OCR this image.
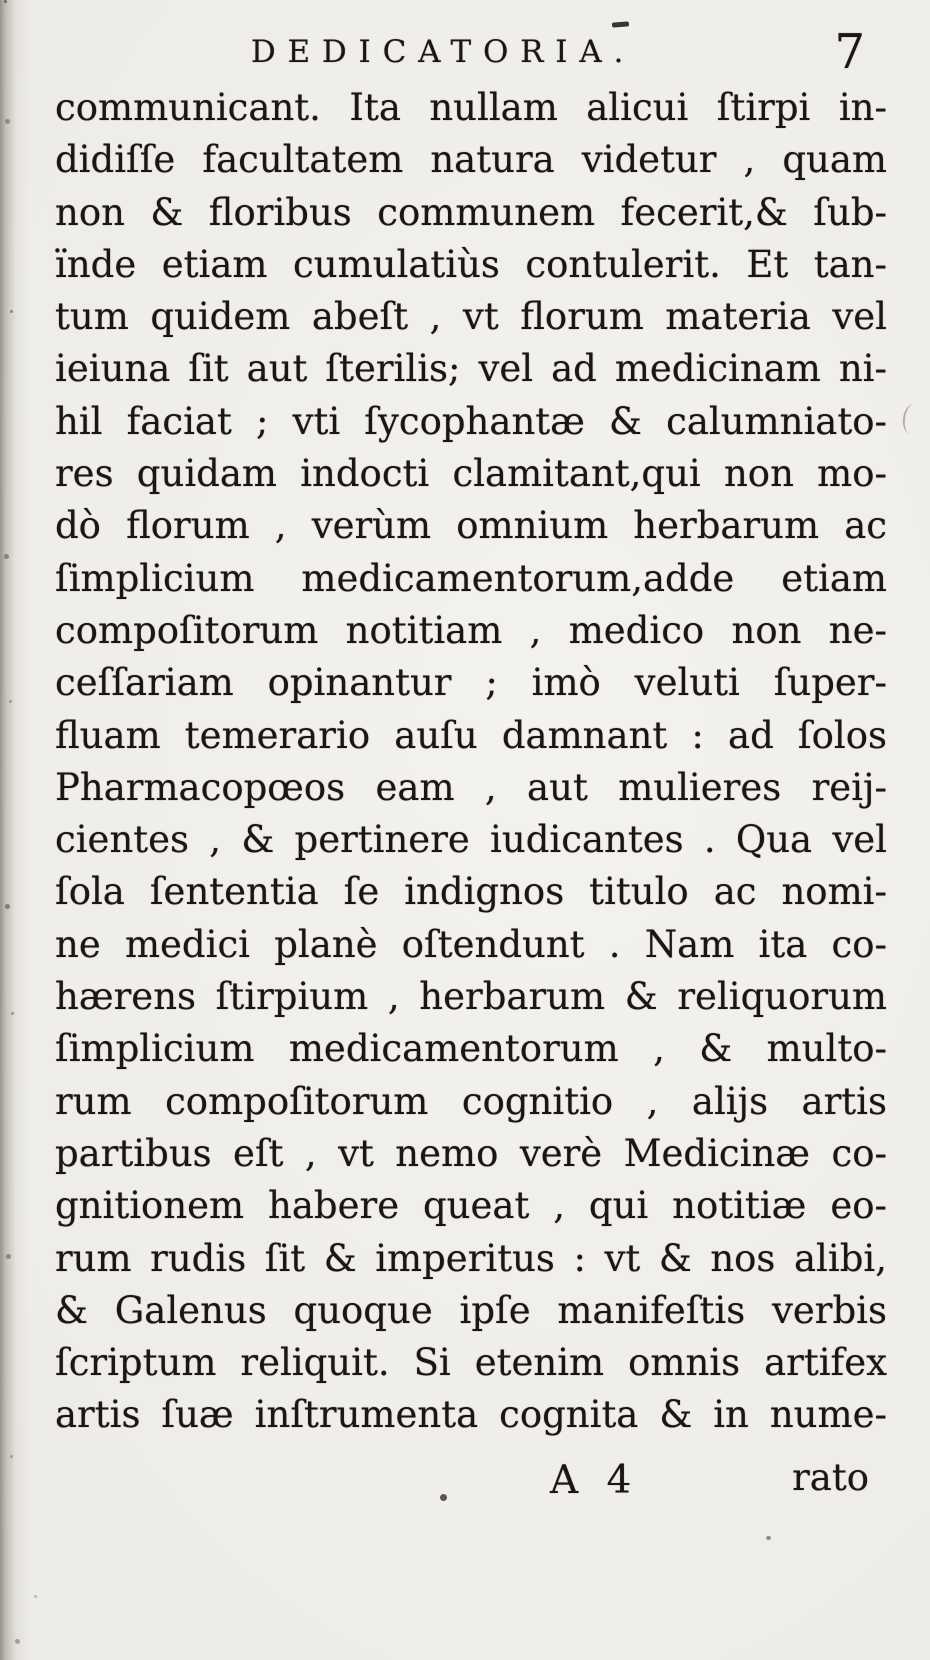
DEDICATORIA.	7
communicant. Ita nullam alicui ſtirpi in-
didiſſe facultatem natura videtur , quam
non & floribus communem fecerit,& ſub-
ïnde etiam cumulatiùs contulerit. Et tan-
tum quidem abeſt , vt florum materia vel
ieiuna ſit aut ſterilis; vel ad medicinam ni-
hil faciat ; vti ſycophantæ & calumniato-
res quidam indocti clamitant,qui non mo-
dò florum , verùm omnium herbarum ac
ſimplicium medicamentorum,adde etiam
compoſitorum notitiam , medico non ne-
ceſſariam opinantur ; imò veluti ſuper-
fluam temerario auſu damnant : ad ſolos
Pharmacopœos eam , aut mulieres reij-
cientes , & pertinere iudicantes . Qua vel
ſola ſententia ſe indignos titulo ac nomi-
ne medici planè oſtendunt . Nam ita co-
hærens ſtirpium , herbarum & reliquorum
ſimplicium medicamentorum , & multo-
rum compoſitorum cognitio , alijs artis
partibus eſt , vt nemo verè Medicinæ co-
gnitionem habere queat , qui notitiæ eo-
rum rudis ſit & imperitus : vt & nos alibi,
& Galenus quoque ipſe manifeſtis verbis
ſcriptum reliquit. Si etenim omnis artifex
artis ſuæ inſtrumenta cognita & in nume-
A 4	rato
